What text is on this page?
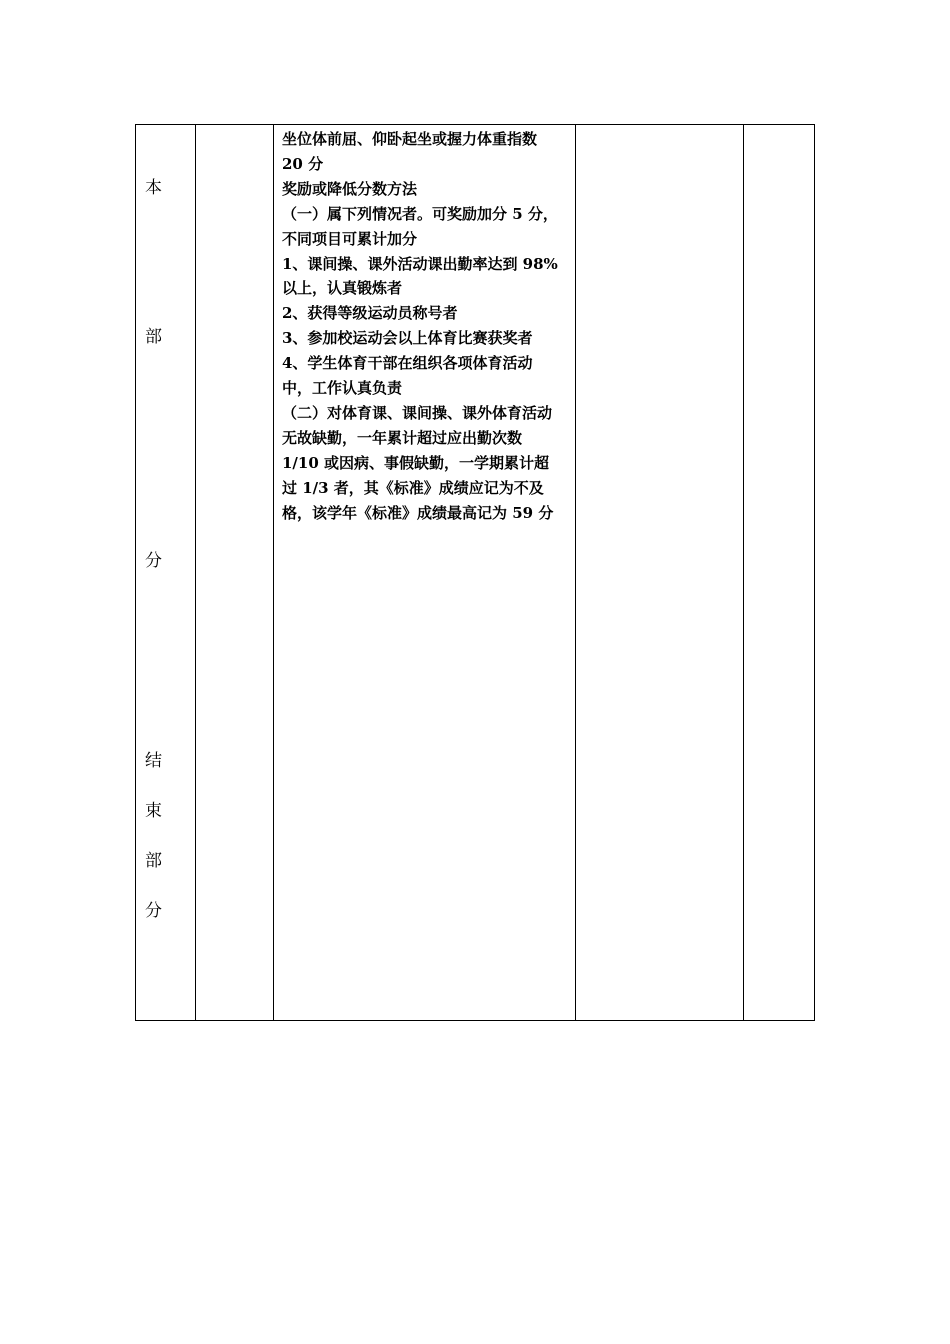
本
部
分
结
束
部
分
坐位体前屈、仰卧起坐或握力体重指数
20 分
奖励或降低分数方法
（一）属下列情况者。可奖励加分 5 分，
不同项目可累计加分
1、课间操、课外活动课出勤率达到 98%
以上，认真锻炼者
2、获得等级运动员称号者
3、参加校运动会以上体育比赛获奖者
4、学生体育干部在组织各项体育活动
中，工作认真负责
（二）对体育课、课间操、课外体育活动
无故缺勤，一年累计超过应出勤次数
1/10 或因病、事假缺勤，一学期累计超
过 1/3 者，其《标准》成绩应记为不及
格，该学年《标准》成绩最高记为 59 分
